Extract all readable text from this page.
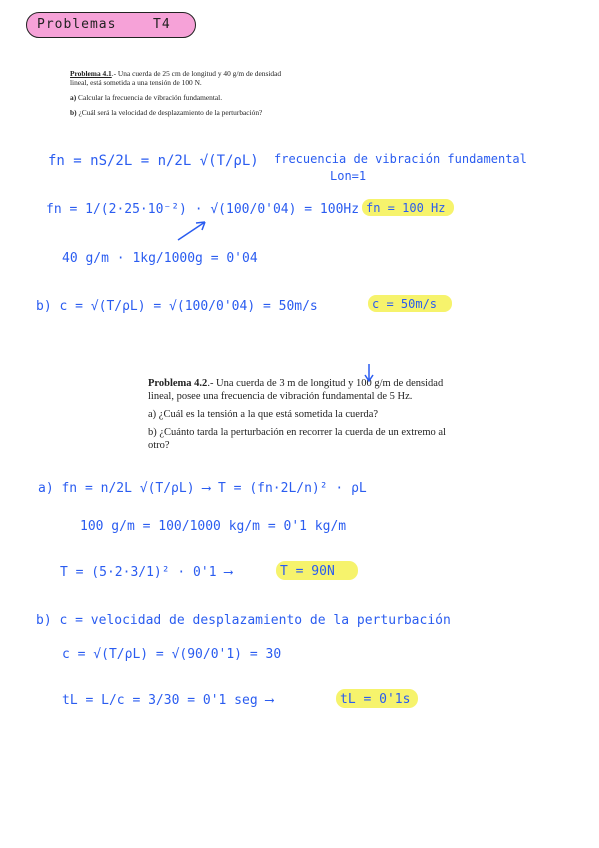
Problemas	T4
Problema 4.1.- Una cuerda de 25 cm de longitud y 40 g/m de densidad lineal, está sometida a una tensión de 100 N.
a) Calcular la frecuencia de vibración fundamental.
b) ¿Cuál será la velocidad de desplazamiento de la perturbación?
Problema 4.2.- Una cuerda de 3 m de longitud y 100 g/m de densidad lineal, posee una frecuencia de vibración fundamental de 5 Hz.
a) ¿Cuál es la tensión a la que está sometida la cuerda?
b) ¿Cuánto tarda la perturbación en recorrer la cuerda de un extremo al otro?
fn = nS/2L = n/2L √(T/ρL) frecuencia de vibración fundamental
Lon=1
fn = 1/(2·25·10⁻²) · √(100/0'04) = 100Hz fn = 100 Hz
40 g/m · 1kg/1000g = 0'04
b) c = √(T/ρL) = √(100/0'04) = 50m/s	c = 50m/s
a) fn = n/2L √(T/ρL) ⟶ T = (fn·2L/n)² · ρL
100 g/m = 100/1000 kg/m = 0'1 kg/m
T = (5·2·3/1)² · 0'1 ⟶	T = 90N
b) c = velocidad de desplazamiento de la perturbación
c = √(T/ρL) = √(90/0'1) = 30
tL = L/c = 3/30 = 0'1 seg ⟶	tL = 0'1s
